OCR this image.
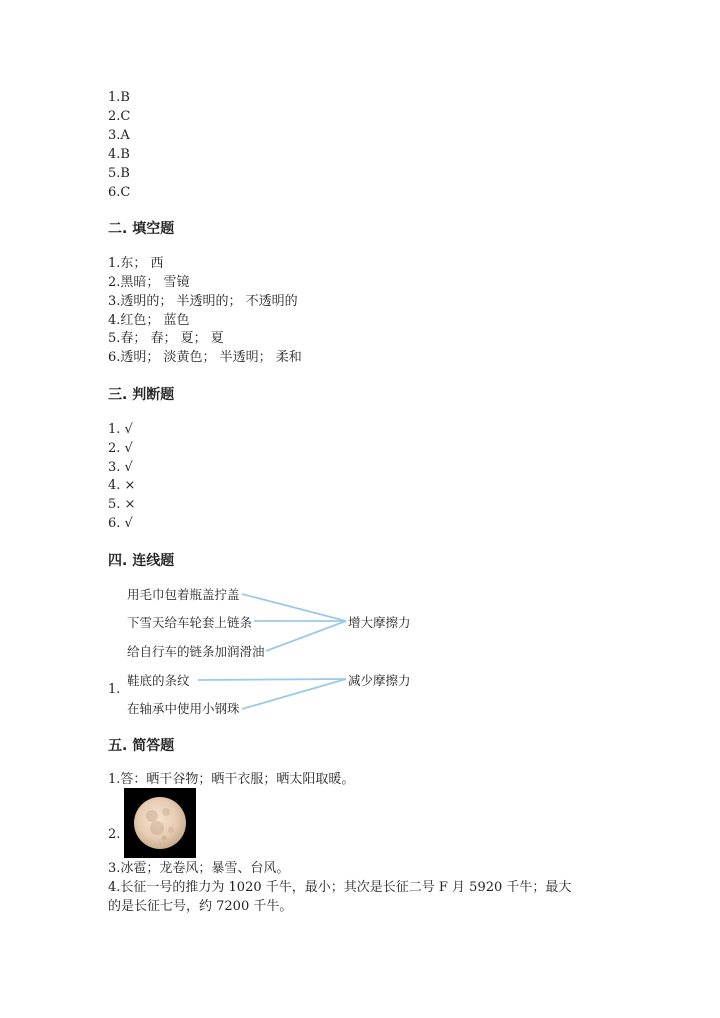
1.B
2.C
3.A
4.B
5.B
6.C
二. 填空题
1.东； 西
2.黑暗； 雪镜
3.透明的； 半透明的； 不透明的
4.红色； 蓝色
5.春； 春； 夏； 夏
6.透明； 淡黄色； 半透明； 柔和
三. 判断题
1. √
2. √
3. √
4. ×
5. ×
6. √
四. 连线题
用毛巾包着瓶盖拧盖
下雪天给车轮套上链条
给自行车的链条加润滑油
鞋底的条纹
在轴承中使用小钢珠
增大摩擦力
减少摩擦力
1.
五. 简答题
1.答：晒干谷物；晒干衣服；晒太阳取暖。
2.
3.冰雹；龙卷风；暴雪、台风。
4.长征一号的推力为 1020 千牛，最小；其次是长征二号 F 月 5920 千牛；最大
的是长征七号，约 7200 千牛。
